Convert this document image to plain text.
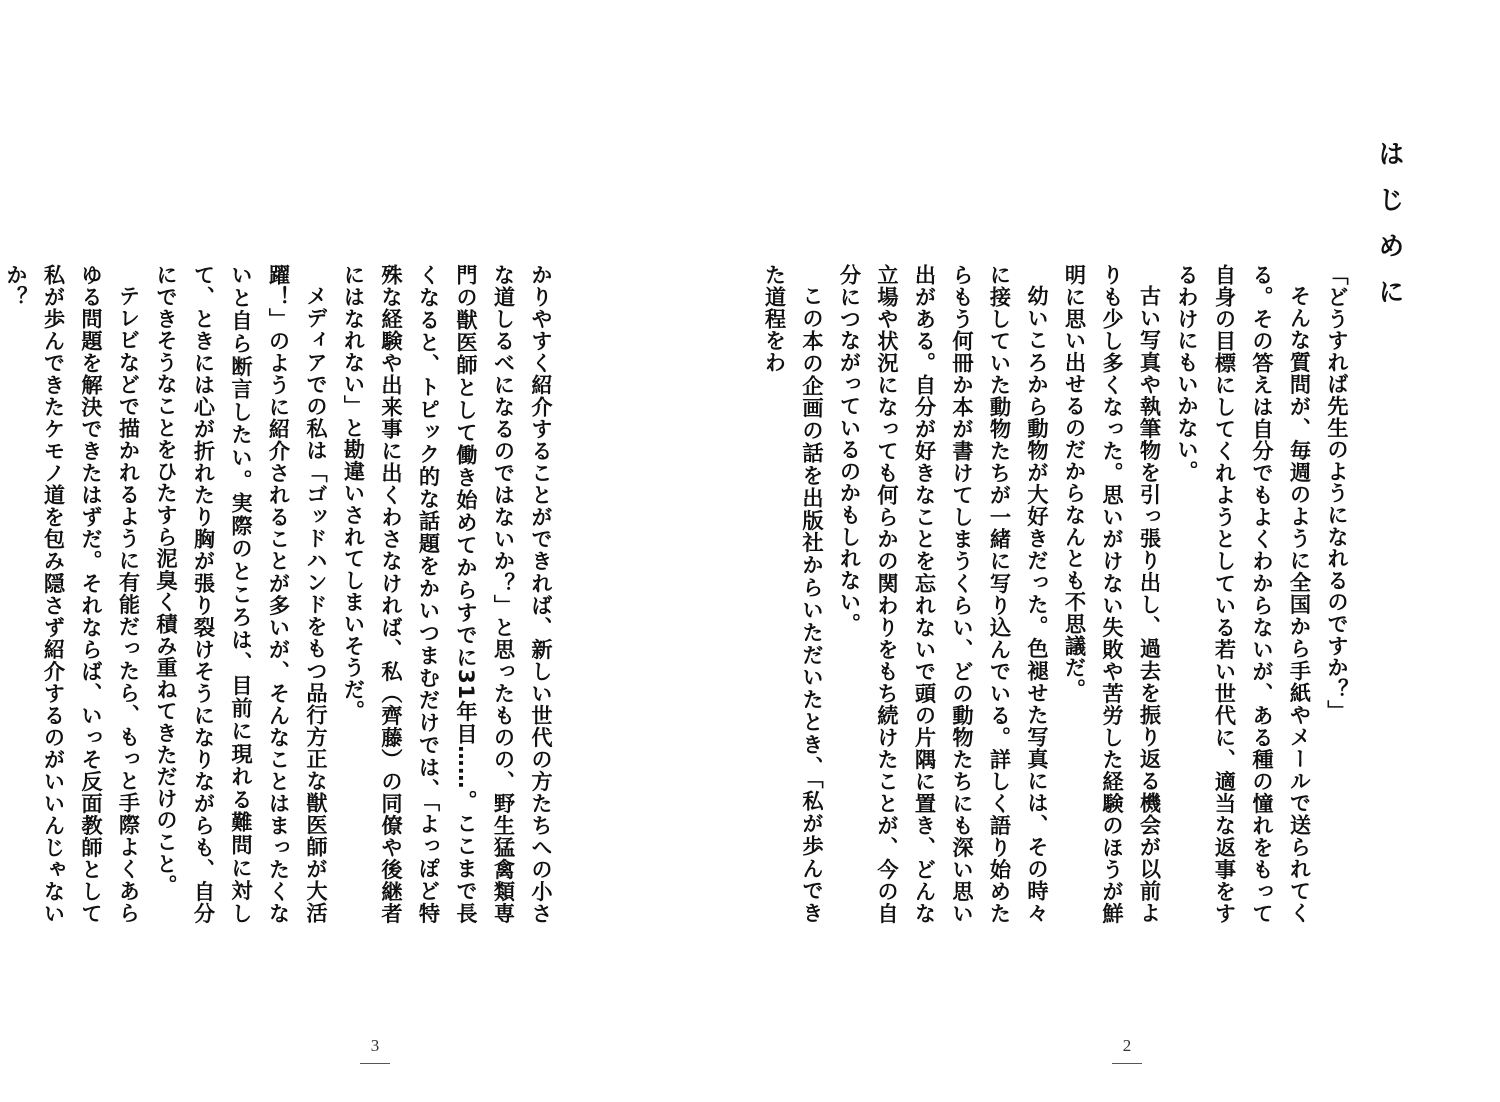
はじめに

「どうすれば先生のようになれるのですか？」

そんな質問が、毎週のように全国から手紙やメールで送られてくる。その答えは自分でもよくわからないが、ある種の憧れをもって自身の目標にしてくれようとしている若い世代に、適当な返事をするわけにもいかない。

古い写真や執筆物を引っ張り出し、過去を振り返る機会が以前よりも少し多くなった。思いがけない失敗や苦労した経験のほうが鮮明に思い出せるのだからなんとも不思議だ。

幼いころから動物が大好きだった。色褪せた写真には、その時々に接していた動物たちが一緒に写り込んでいる。詳しく語り始めたらもう何冊か本が書けてしまうくらい、どの動物たちにも深い思い出がある。自分が好きなことを忘れないで頭の片隅に置き、どんな立場や状況になっても何らかの関わりをもち続けたことが、今の自分につながっているのかもしれない。

この本の企画の話を出版社からいただいたとき、「私が歩んできた道程をわ

2

かりやすく紹介することができれば、新しい世代の方たちへの小さな道しるべになるのではないか？」と思ったものの、野生猛禽類専門の獣医師として働き始めてからすでに31年目……。ここまで長くなると、トピック的な話題をかいつまむだけでは、「よっぽど特殊な経験や出来事に出くわさなければ、私（齊藤）の同僚や後継者にはなれない」と勘違いされてしまいそうだ。

メディアでの私は「ゴッドハンドをもつ品行方正な獣医師が大活躍！」のように紹介されることが多いが、そんなことはまったくないと自ら断言したい。実際のところは、目前に現れる難問に対して、ときには心が折れたり胸が張り裂けそうになりながらも、自分にできそうなことをひたすら泥臭く積み重ねてきただけのこと。

テレビなどで描かれるように有能だったら、もっと手際よくあらゆる問題を解決できたはずだ。それならば、いっそ反面教師として私が歩んできたケモノ道を包み隠さず紹介するのがいいんじゃないか？

3
